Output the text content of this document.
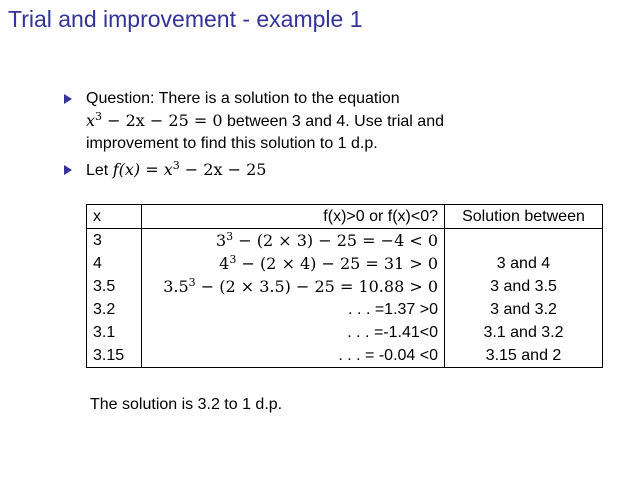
Trial and improvement - example 1
Question: There is a solution to the equation
$x^3 - 2x - 25 = 0$ between 3 and 4. Use trial and improvement to find this solution to 1 d.p.
Let $f(x) = x^3 - 2x - 25$
x	f(x)>0 or f(x)<0?	Solution between
3	$3^3 - (2 \times 3) - 25 = -4 < 0$	
4	$4^3 - (2 \times 4) - 25 = 31 > 0$	3 and 4
3.5	$3.5^3 - (2 \times 3.5) - 25 = 10.88 > 0$	3 and 3.5
3.2	. . . =1.37 >0	3 and 3.2
3.1	. . . =-1.41<0	3.1 and 3.2
3.15	. . . = -0.04 <0	3.15 and 2
The solution is 3.2 to 1 d.p.
